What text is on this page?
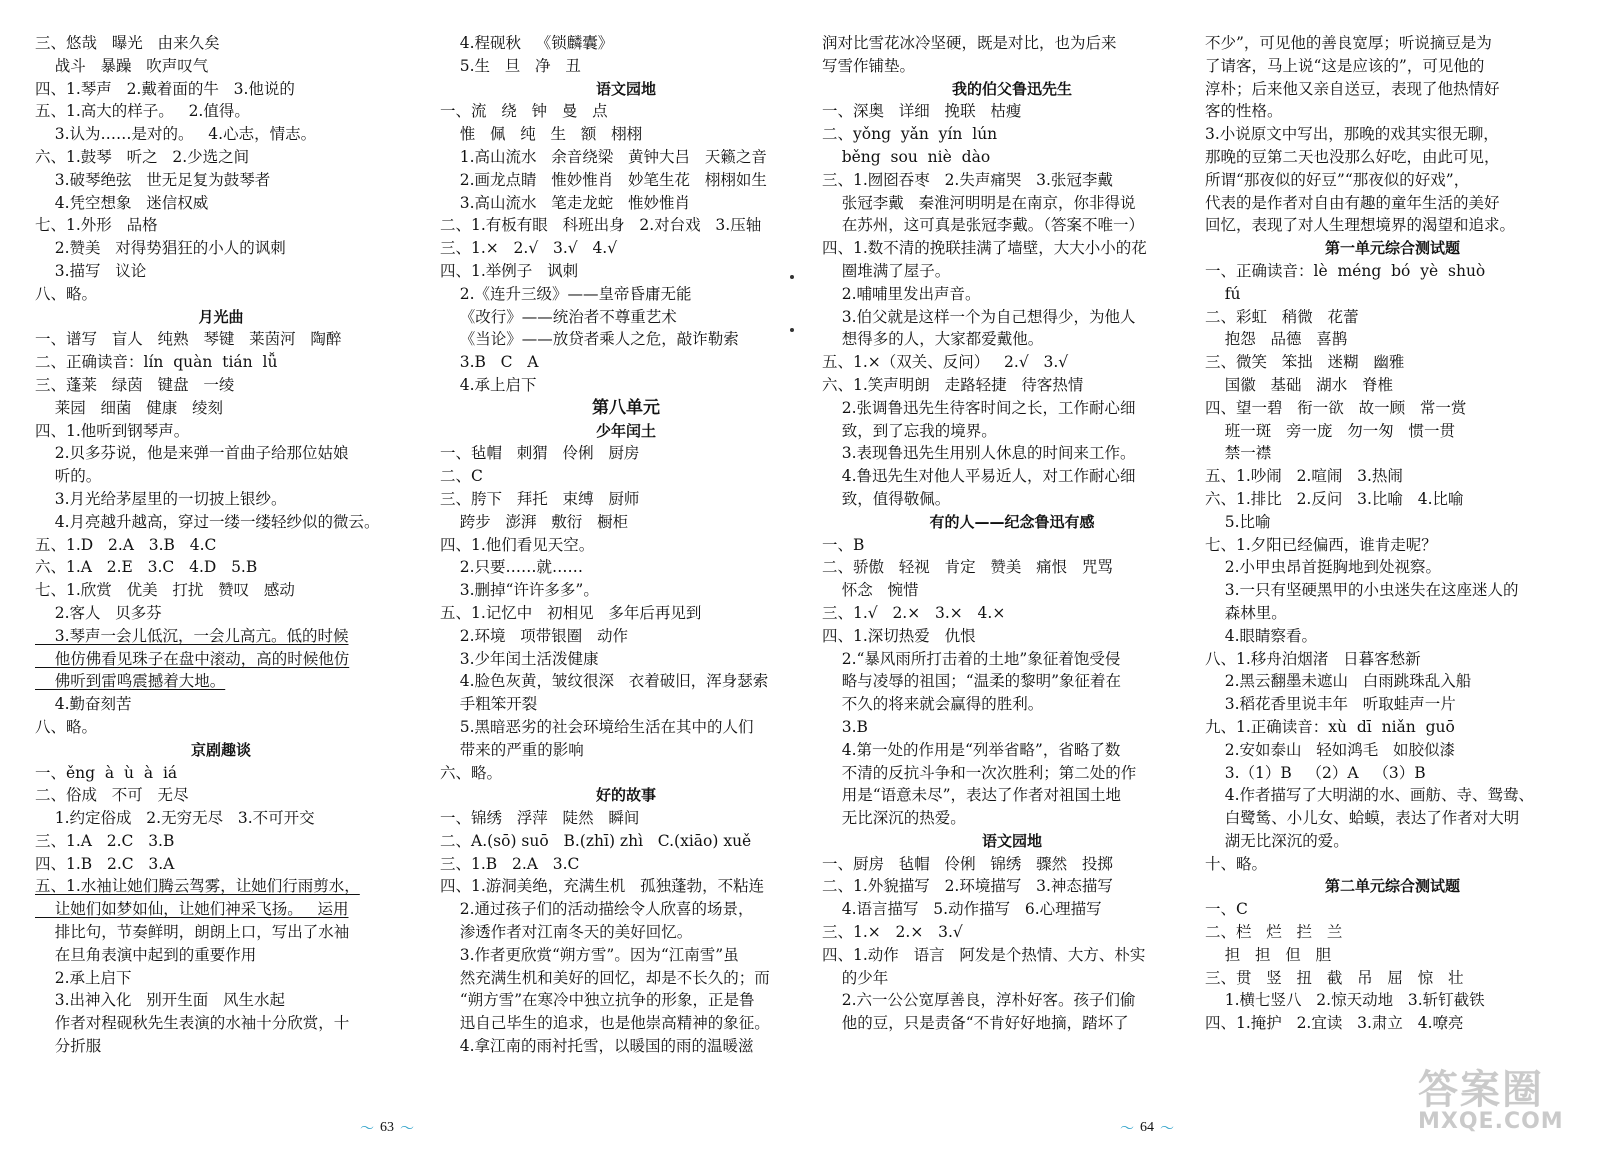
三、悠哉   曝光   由来久矣
战斗   暴躁   吹声叹气
四、1.琴声   2.戴着面的牛   3.他说的
五、1.高大的样子。   2.值得。
3.认为……是对的。   4.心志，情志。
六、1.鼓琴   听之   2.少选之间
3.破琴绝弦   世无足复为鼓琴者
4.凭空想象   迷信权威
七、1.外形   品格
2.赞美   对得势猖狂的小人的讽刺
3.描写   议论
八、略。
月光曲
一、谱写   盲人   纯熟   琴键   莱茵河   陶醉
二、正确读音：lín  quàn  tián  lǚ
三、蓬莱   绿茵   键盘   一绫
莱园   细菌   健康   绫刻
四、1.他听到钢琴声。
2.贝多芬说，他是来弹一首曲子给那位姑娘
听的。
3.月光给茅屋里的一切披上银纱。
4.月亮越升越高，穿过一缕一缕轻纱似的微云。
五、1.D   2.A   3.B   4.C
六、1.A   2.E   3.C   4.D   5.B
七、1.欣赏   优美   打扰   赞叹   感动
2.客人   贝多芬
3.琴声一会儿低沉，一会儿高亢。低的时候
他仿佛看见珠子在盘中滚动，高的时候他仿
佛听到雷鸣震撼着大地。
4.勤奋刻苦
八、略。
京剧趣谈
一、ěng  à  ù  à  iá
二、俗成   不可   无尽
1.约定俗成   2.无穷无尽   3.不可开交
三、1.A   2.C   3.B
四、1.B   2.C   3.A
五、1.水袖让她们腾云驾雾，让她们行雨剪水，
让她们如梦如仙，让她们神采飞扬。   运用
排比句，节奏鲜明，朗朗上口，写出了水袖
在旦角表演中起到的重要作用
2.承上启下
3.出神入化   别开生面   风生水起
作者对程砚秋先生表演的水袖十分欣赏，十
分折服
4.程砚秋   《锁麟囊》
5.生   旦   净   丑
语文园地
一、流   绕   钟   曼   点
惟   佩   纯   生   额   栩栩
1.高山流水   余音绕梁   黄钟大吕   天籁之音
2.画龙点睛   惟妙惟肖   妙笔生花   栩栩如生
3.高山流水   笔走龙蛇   惟妙惟肖
二、1.有板有眼   科班出身   2.对台戏   3.压轴
三、1.×   2.√   3.√   4.√
四、1.举例子   讽刺
2.《连升三级》——皇帝昏庸无能
《改行》——统治者不尊重艺术
《当论》——放贷者乘人之危，敲诈勒索
3.B   C   A
4.承上启下
第八单元
少年闰土
一、毡帽   刺猬   伶俐   厨房
二、C
三、胯下   拜托   束缚   厨师
跨步   澎湃   敷衍   橱柜
四、1.他们看见天空。
2.只要……就……
3.删掉“许许多多”。
五、1.记忆中   初相见   多年后再见到
2.环境   项带银圈   动作
3.少年闰土活泼健康
4.脸色灰黄，皱纹很深   衣着破旧，浑身瑟索
手粗笨开裂
5.黑暗恶劣的社会环境给生活在其中的人们
带来的严重的影响
六、略。
好的故事
一、锦绣   浮萍   陡然   瞬间
二、A.(sō) suō   B.(zhī) zhì   C.(xiāo) xuě
三、1.B   2.A   3.C
四、1.游洞美绝，充满生机   孤独蓬勃，不粘连
2.通过孩子们的活动描绘令人欣喜的场景，
渗透作者对江南冬天的美好回忆。
3.作者更欣赏“朔方雪”。因为“江南雪”虽
然充满生机和美好的回忆，却是不长久的；而
“朔方雪”在寒冷中独立抗争的形象，正是鲁
迅自己毕生的追求，也是他崇高精神的象征。
4.拿江南的雨衬托雪，以暖国的雨的温暖滋
润对比雪花冰冷坚硬，既是对比，也为后来
写雪作铺垫。
我的伯父鲁迅先生
一、深奥   详细   挽联   枯瘦
二、yǒng  yǎn  yín  lún
běng  sou  niè  dào
三、1.囫囵吞枣   2.失声痛哭   3.张冠李戴
张冠李戴   秦淮河明明是在南京，你非得说
在苏州，这可真是张冠李戴。（答案不唯一）
四、1.数不清的挽联挂满了墙壁，大大小小的花
圈堆满了屋子。
2.哺哺里发出声音。
3.伯父就是这样一个为自己想得少，为他人
想得多的人，大家都爱戴他。
五、1.×（双关、反问）   2.√   3.√
六、1.笑声明朗   走路轻捷   待客热情
2.张调鲁迅先生待客时间之长，工作耐心细
致，到了忘我的境界。
3.表现鲁迅先生用别人休息的时间来工作。
4.鲁迅先生对他人平易近人，对工作耐心细
致，值得敬佩。
有的人——纪念鲁迅有感
一、B
二、骄傲   轻视   肯定   赞美   痛恨   咒骂
怀念   惋惜
三、1.√   2.×   3.×   4.×
四、1.深切热爱   仇恨
2.“暴风雨所打击着的土地”象征着饱受侵
略与凌辱的祖国；“温柔的黎明”象征着在
不久的将来就会赢得的胜利。
3.B
4.第一处的作用是“列举省略”，省略了数
不清的反抗斗争和一次次胜利；第二处的作
用是“语意未尽”，表达了作者对祖国土地
无比深沉的热爱。
语文园地
一、厨房   毡帽   伶俐   锦绣   骤然   投掷
二、1.外貌描写   2.环境描写   3.神态描写
4.语言描写   5.动作描写   6.心理描写
三、1.×   2.×   3.√
四、1.动作   语言   阿发是个热情、大方、朴实
的少年
2.六一公公宽厚善良，淳朴好客。孩子们偷
他的豆，只是责备“不肯好好地摘，踏坏了
不少”，可见他的善良宽厚；听说摘豆是为
了请客，马上说“这是应该的”，可见他的
淳朴；后来他又亲自送豆，表现了他热情好
客的性格。
3.小说原文中写出，那晚的戏其实很无聊，
那晚的豆第二天也没那么好吃，由此可见，
所谓“那夜似的好豆”“那夜似的好戏”，
代表的是作者对自由有趣的童年生活的美好
回忆，表现了对人生理想境界的渴望和追求。
第一单元综合测试题
一、正确读音：lè  méng  bó  yè  shuò
fú
二、彩虹   稍微   花蕾
抱怨   品德   喜鹊
三、微笑   笨拙   迷糊   幽雅
国徽   基础   湖水   脊椎
四、望一碧   衔一欲   故一顾   常一赏
班一斑   旁一庞   勿一匆   惯一贯
禁一襟
五、1.吵闹   2.喧闹   3.热闹
六、1.排比   2.反问   3.比喻   4.比喻
5.比喻
七、1.夕阳已经偏西，谁肯走呢？
2.小甲虫昂首挺胸地到处视察。
3.一只有坚硬黑甲的小虫迷失在这座迷人的
森林里。
4.眼睛察看。
八、1.移舟泊烟渚   日暮客愁新
2.黑云翻墨未遮山   白雨跳珠乱入船
3.稻花香里说丰年   听取蛙声一片
九、1.正确读音：xù  dī  niǎn  guō
2.安如泰山   轻如鸿毛   如胶似漆
3.（1）B   （2）A   （3）B
4.作者描写了大明湖的水、画舫、寺、鸳鸯、
白鹭鸶、小儿女、蛤蟆，表达了作者对大明
湖无比深沉的爱。
十、略。
第二单元综合测试题
一、C
二、栏   烂   拦   兰
担   担   但   胆
三、贯   竖   扭   截   吊   屈   惊   壮
1.横七竖八   2.惊天动地   3.斩钉截铁
四、1.掩护   2.宜读   3.肃立   4.嘹亮
〜 63 〜	〜 64 〜
答案圈
MXQE.COM
